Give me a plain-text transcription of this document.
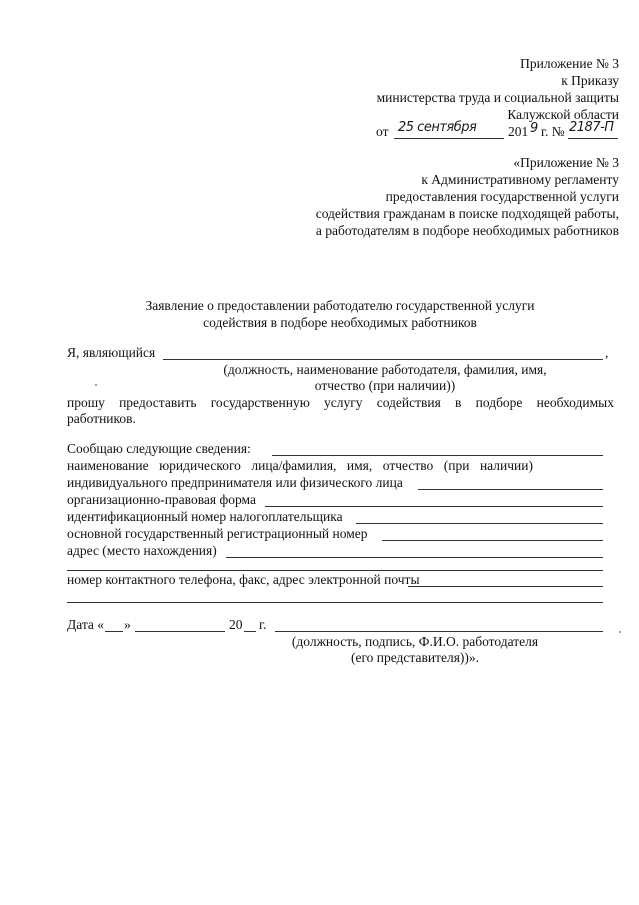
Приложение № 3
к Приказу
министерства труда и социальной защиты
Калужской области
от 25 сентября 201 9 г. № 2187-П
«Приложение № 3
к Административному регламенту
предоставления государственной услуги
содействия гражданам в поиске подходящей работы,
а работодателям в подборе необходимых работников
Заявление о предоставлении работодателю государственной услуги
содействия в подборе необходимых работников
Я, являющийся	,
(должность, наименование работодателя, фамилия, имя,
отчество (при наличии))
прошу предоставить государственную услугу содействия в подборе необходимых
работников.
Сообщаю следующие сведения:
наименование юридического лица/фамилия, имя, отчество (при наличии)
индивидуального предпринимателя или физического лица
организационно-правовая форма
идентификационный номер налогоплательщика
основной государственный регистрационный номер
адрес (место нахождения)
номер контактного телефона, факс, адрес электронной почты
Дата « »	20 г.
(должность, подпись, Ф.И.О. работодателя
(его представителя))».
